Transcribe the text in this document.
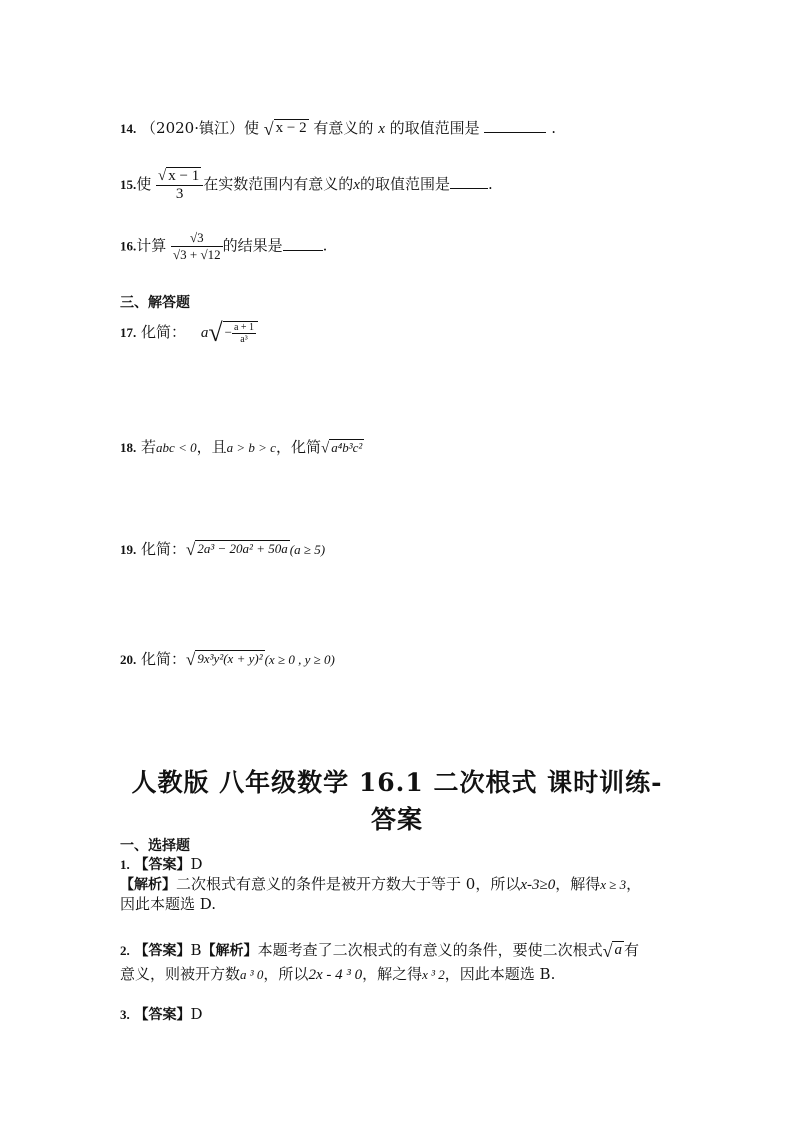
14. （2020·镇江）使 √ x − 2 有意义的 x 的取值范围是	.
15.使 $\frac{√ x - 1}{3}$ 在实数范围内有意义的x的取值范围是	.
16.计算 $\frac{√3}{√3 + √12}$ 的结果是	.
三、解答题
17. 化简： $a√ - \frac{a + 1}{\text{a³}}$
18. 若abc < 0，且a > b > c，化简√ a⁴b³c²
19. 化简：√ 2a³ − 20a² + 50a (a ≥ 5)
20. 化简：√ 9x³y²(x + y)² (x ≥ 0 , y ≥ 0)
人教版 八年级数学 16.1 二次根式 课时训练-
答案
一、选择题
1. 【答案】D
【解析】二次根式有意义的条件是被开方数大于等于 0，所以x-3≥0，解得x ≥ 3，
因此本题选 D.
2. 【答案】B【解析】本题考查了二次根式的有意义的条件，要使二次根式√ a 有
意义，则被开方数a ³ 0，所以2x - 4 ³ 0，解之得x ³ 2，因此本题选 B.
3. 【答案】D
